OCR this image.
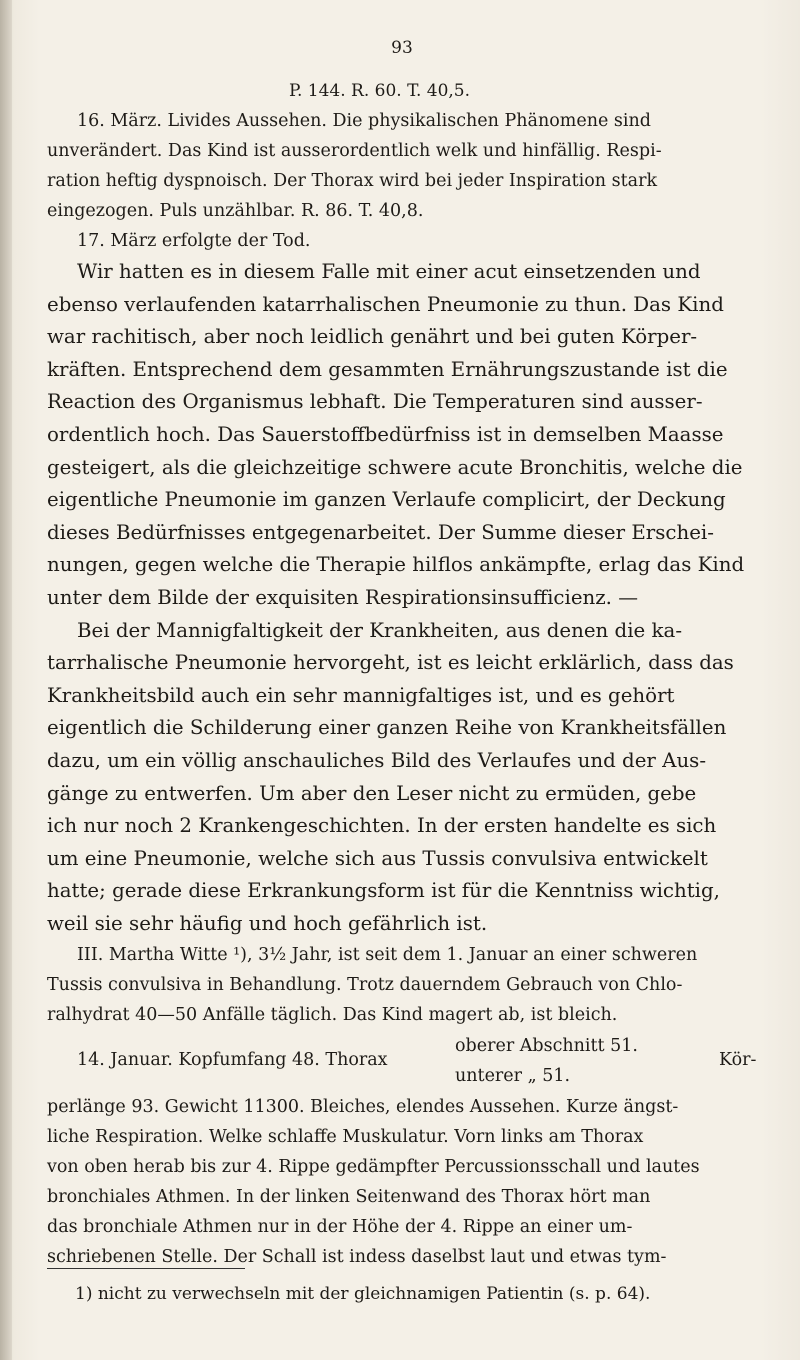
93
P. 144. R. 60. T. 40,5.
16. März. Livides Aussehen. Die physikalischen Phänomene sind
unverändert. Das Kind ist ausserordentlich welk und hinfällig. Respi-
ration heftig dyspnoisch. Der Thorax wird bei jeder Inspiration stark
eingezogen. Puls unzählbar. R. 86. T. 40,8.
17. März erfolgte der Tod.
Wir hatten es in diesem Falle mit einer acut einsetzenden und
ebenso verlaufenden katarrhalischen Pneumonie zu thun. Das Kind
war rachitisch, aber noch leidlich genährt und bei guten Körper-
kräften. Entsprechend dem gesammten Ernährungszustande ist die
Reaction des Organismus lebhaft. Die Temperaturen sind ausser-
ordentlich hoch. Das Sauerstoffbedürfniss ist in demselben Maasse
gesteigert, als die gleichzeitige schwere acute Bronchitis, welche die
eigentliche Pneumonie im ganzen Verlaufe complicirt, der Deckung
dieses Bedürfnisses entgegenarbeitet. Der Summe dieser Erschei-
nungen, gegen welche die Therapie hilflos ankämpfte, erlag das Kind
unter dem Bilde der exquisiten Respirationsinsufficienz. —
Bei der Mannigfaltigkeit der Krankheiten, aus denen die ka-
tarrhalische Pneumonie hervorgeht, ist es leicht erklärlich, dass das
Krankheitsbild auch ein sehr mannigfaltiges ist, und es gehört
eigentlich die Schilderung einer ganzen Reihe von Krankheitsfällen
dazu, um ein völlig anschauliches Bild des Verlaufes und der Aus-
gänge zu entwerfen. Um aber den Leser nicht zu ermüden, gebe
ich nur noch 2 Krankengeschichten. In der ersten handelte es sich
um eine Pneumonie, welche sich aus Tussis convulsiva entwickelt
hatte; gerade diese Erkrankungsform ist für die Kenntniss wichtig,
weil sie sehr häufig und hoch gefährlich ist.
III. Martha Witte ¹), 3½ Jahr, ist seit dem 1. Januar an einer schweren
Tussis convulsiva in Behandlung. Trotz dauerndem Gebrauch von Chlo-
ralhydrat 40—50 Anfälle täglich. Das Kind magert ab, ist bleich.
14. Januar. Kopfumfang 48. Thorax
oberer Abschnitt 51.
unterer „ 51.
Kör-
perlänge 93. Gewicht 11300. Bleiches, elendes Aussehen. Kurze ängst-
liche Respiration. Welke schlaffe Muskulatur. Vorn links am Thorax
von oben herab bis zur 4. Rippe gedämpfter Percussionsschall und lautes
bronchiales Athmen. In der linken Seitenwand des Thorax hört man
das bronchiale Athmen nur in der Höhe der 4. Rippe an einer um-
schriebenen Stelle. Der Schall ist indess daselbst laut und etwas tym-
1) nicht zu verwechseln mit der gleichnamigen Patientin (s. p. 64).
